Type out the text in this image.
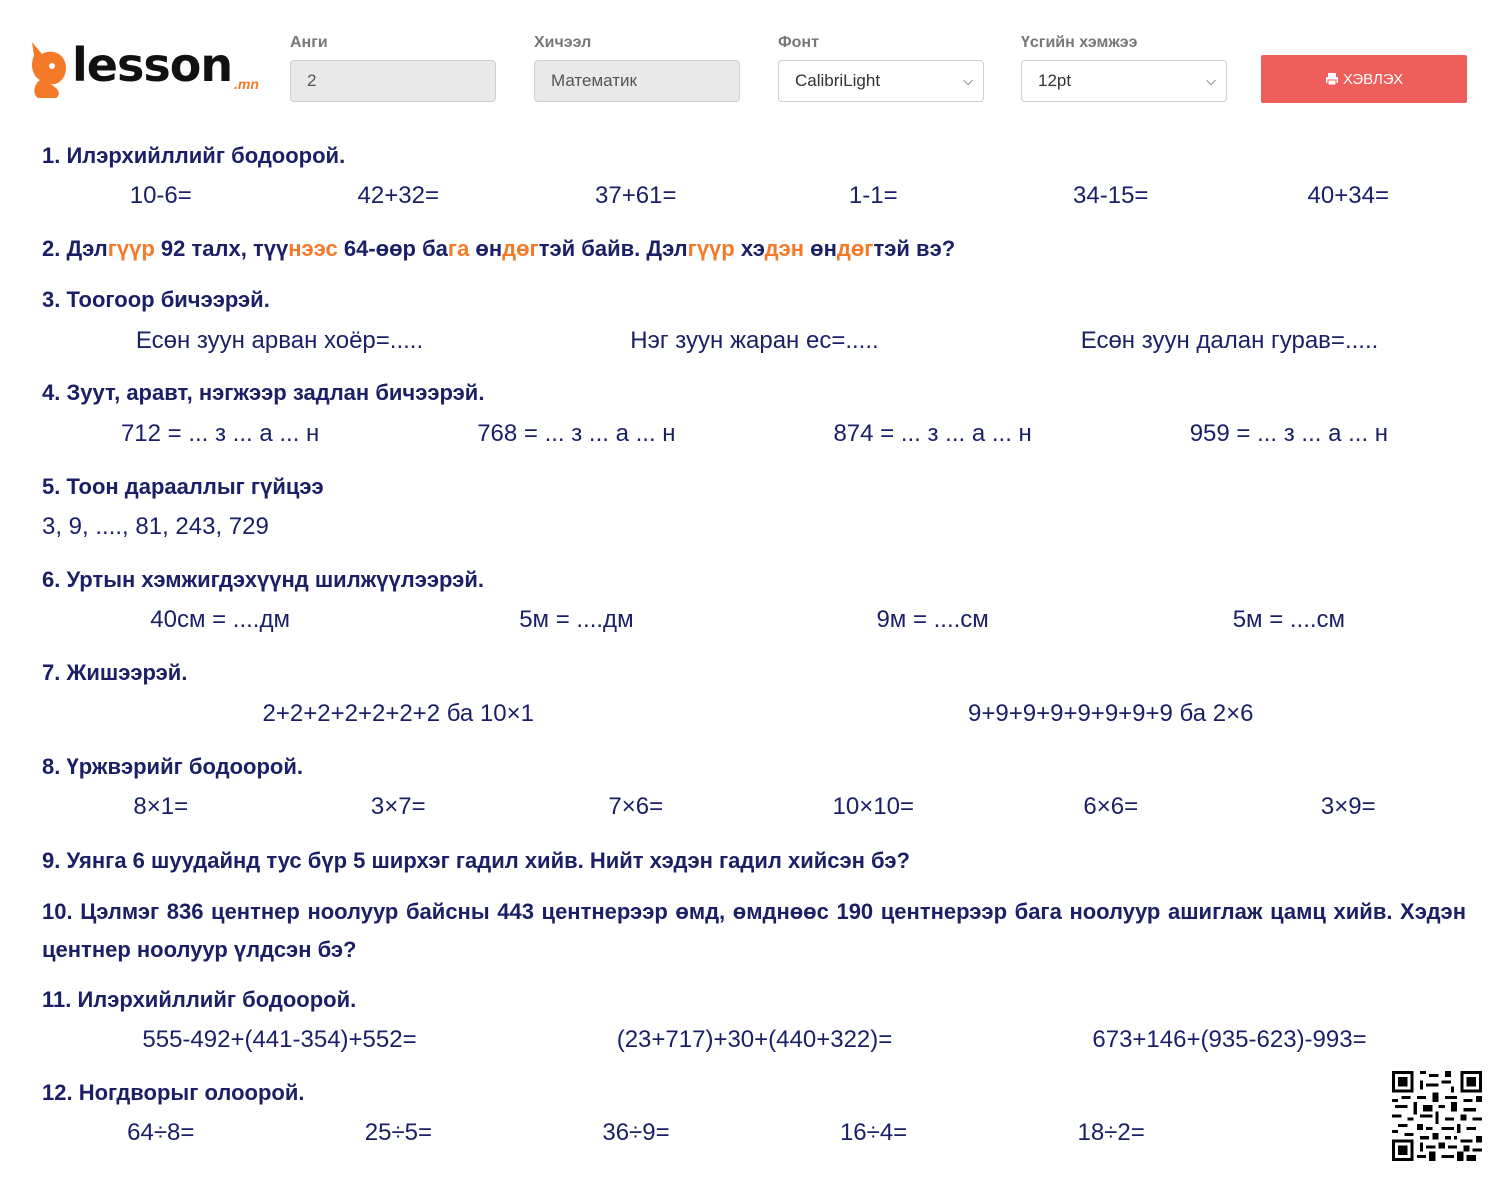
lesson .mn
Анги
2
Хичээл
Математик
Фонт
CalibriLight	⌵
Үсгийн хэмжээ
12pt	⌵	ХЭВЛЭХ
1. Илэрхийллийг бодоорой.
10-6=	42+32=	37+61=	1-1=	34-15=	40+34=
2. Дэлгүүр 92 талх, түүнээс 64-өөр бага өндөгтэй байв. Дэлгүүр хэдэн өндөгтэй вэ?
3. Тоогоор бичээрэй.
Есөн зуун арван хоёр=.....	Нэг зуун жаран ес=.....	Есөн зуун далан гурав=.....
4. Зуут, аравт, нэгжээр задлан бичээрэй.
712 = ... з ... а ... н	768 = ... з ... а ... н	874 = ... з ... а ... н	959 = ... з ... а ... н
5. Тоон дарааллыг гүйцээ
3, 9, ...., 81, 243, 729
6. Уртын хэмжигдэхүүнд шилжүүлээрэй.
40см = ....дм	5м = ....дм	9м = ....см	5м = ....см
7. Жишээрэй.
2+2+2+2+2+2+2 ба 10×1	9+9+9+9+9+9+9+9 ба 2×6
8. Үржвэрийг бодоорой.
8×1=	3×7=	7×6=	10×10=	6×6=	3×9=
9. Уянга 6 шуудайнд тус бүр 5 ширхэг гадил хийв. Нийт хэдэн гадил хийсэн бэ?
10. Цэлмэг 836 центнер ноолуур байсны 443 центнерээр өмд, өмднөөс 190 центнерээр бага ноолуур ашиглаж цамц хийв. Хэдэн центнер ноолуур үлдсэн бэ?
11. Илэрхийллийг бодоорой.
555-492+(441-354)+552=	(23+717)+30+(440+322)=	673+146+(935-623)-993=
12. Ногдворыг олоорой.
64÷8=	25÷5=	36÷9=	16÷4=	18÷2=
